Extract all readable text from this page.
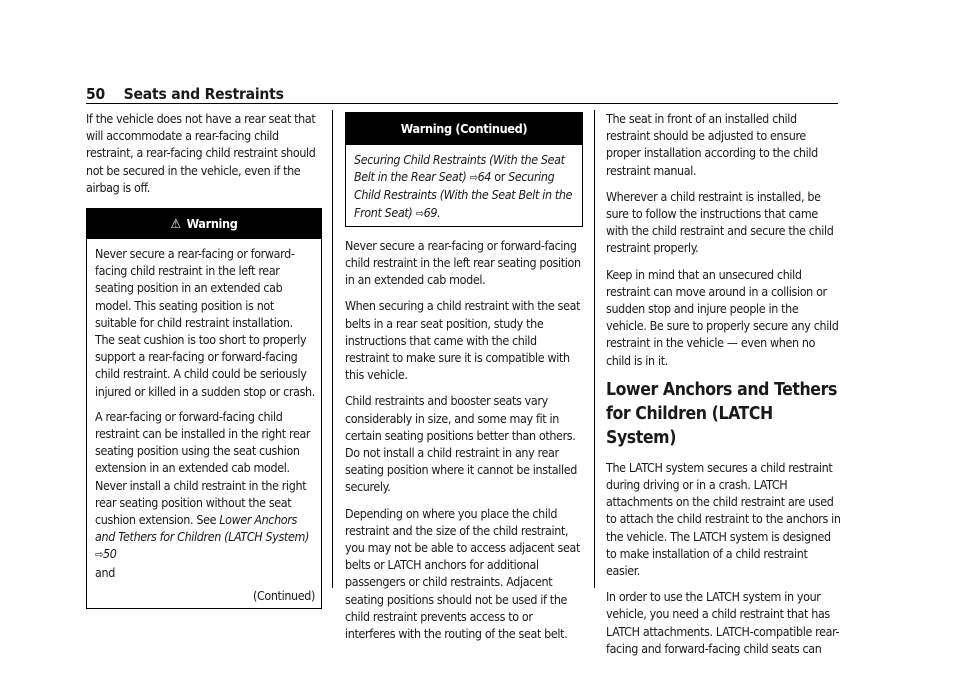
50 Seats and Restraints

If the vehicle does not have a rear seat that will accommodate a rear-facing child restraint, a rear-facing child restraint should not be secured in the vehicle, even if the airbag is off.

⚠ Warning

Never secure a rear-facing or forward-facing child restraint in the left rear seating position in an extended cab model. This seating position is not suitable for child restraint installation. The seat cushion is too short to properly support a rear-facing or forward-facing child restraint. A child could be seriously injured or killed in a sudden stop or crash.

A rear-facing or forward-facing child restraint can be installed in the right rear seating position using the seat cushion extension in an extended cab model. Never install a child restraint in the right rear seating position without the seat cushion extension. See Lower Anchors and Tethers for Children (LATCH System) ⇨50
and

(Continued)
Warning (Continued)

Securing Child Restraints (With the Seat Belt in the Rear Seat) ⇨64 or Securing Child Restraints (With the Seat Belt in the Front Seat) ⇨69.

Never secure a rear-facing or forward-facing child restraint in the left rear seating position in an extended cab model.

When securing a child restraint with the seat belts in a rear seat position, study the instructions that came with the child restraint to make sure it is compatible with this vehicle.

Child restraints and booster seats vary considerably in size, and some may fit in certain seating positions better than others. Do not install a child restraint in any rear seating position where it cannot be installed securely.

Depending on where you place the child restraint and the size of the child restraint, you may not be able to access adjacent seat belts or LATCH anchors for additional passengers or child restraints. Adjacent seating positions should not be used if the child restraint prevents access to or interferes with the routing of the seat belt.

The seat in front of an installed child restraint should be adjusted to ensure proper installation according to the child restraint manual.

Wherever a child restraint is installed, be sure to follow the instructions that came with the child restraint and secure the child restraint properly.

Keep in mind that an unsecured child restraint can move around in a collision or sudden stop and injure people in the vehicle. Be sure to properly secure any child restraint in the vehicle — even when no child is in it.

Lower Anchors and Tethers for Children (LATCH System)

The LATCH system secures a child restraint during driving or in a crash. LATCH attachments on the child restraint are used to attach the child restraint to the anchors in the vehicle. The LATCH system is designed to make installation of a child restraint easier.

In order to use the LATCH system in your vehicle, you need a child restraint that has LATCH attachments. LATCH-compatible rear-facing and forward-facing child seats can
